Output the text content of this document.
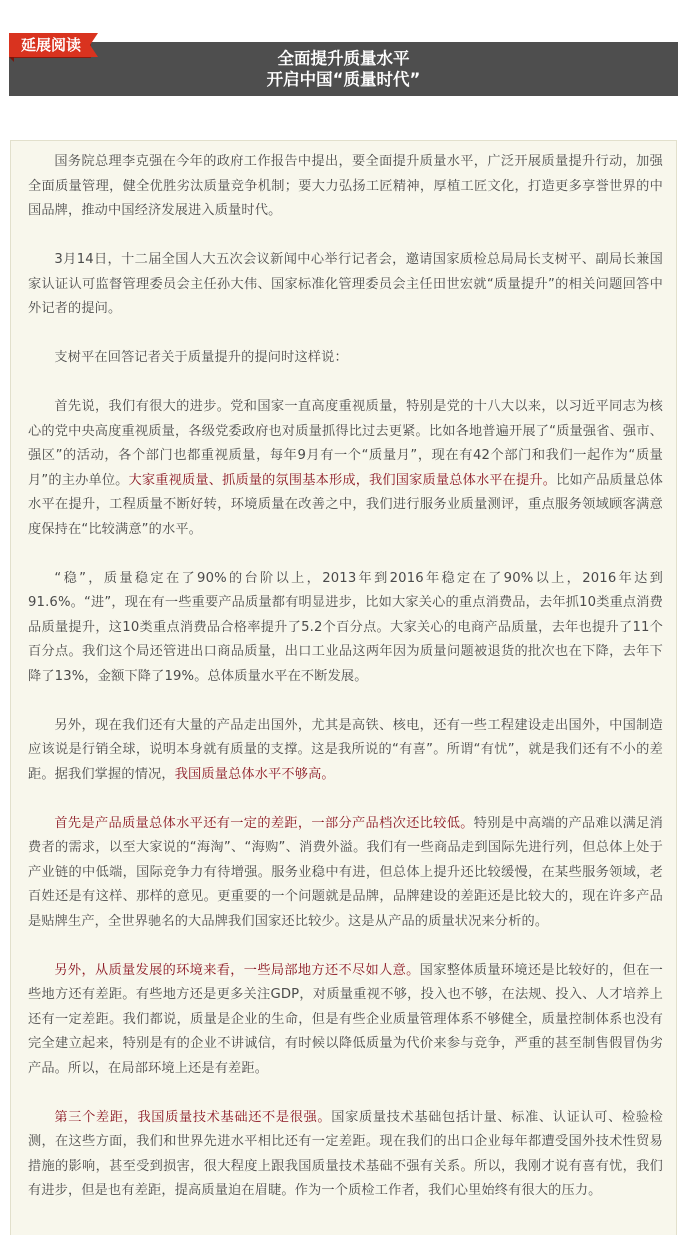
全面提升质量水平
开启中国“质量时代”
延展阅读

国务院总理李克强在今年的政府工作报告中提出，要全面提升质量水平，广泛开展质量提升行动，加强全面质量管理，健全优胜劣汰质量竞争机制；要大力弘扬工匠精神，厚植工匠文化，打造更多享誉世界的中国品牌，推动中国经济发展进入质量时代。

3月14日，十二届全国人大五次会议新闻中心举行记者会，邀请国家质检总局局长支树平、副局长兼国家认证认可监督管理委员会主任孙大伟、国家标准化管理委员会主任田世宏就“质量提升”的相关问题回答中外记者的提问。

支树平在回答记者关于质量提升的提问时这样说：

首先说，我们有很大的进步。党和国家一直高度重视质量，特别是党的十八大以来，以习近平同志为核心的党中央高度重视质量，各级党委政府也对质量抓得比过去更紧。比如各地普遍开展了“质量强省、强市、强区”的活动，各个部门也都重视质量，每年9月有一个“质量月”，现在有42个部门和我们一起作为“质量月”的主办单位。大家重视质量、抓质量的氛围基本形成，我们国家质量总体水平在提升。比如产品质量总体水平在提升，工程质量不断好转，环境质量在改善之中，我们进行服务业质量测评，重点服务领域顾客满意度保持在“比较满意”的水平。

“稳”，质量稳定在了90%的台阶以上，2013年到2016年稳定在了90%以上，2016年达到91.6%。“进”，现在有一些重要产品质量都有明显进步，比如大家关心的重点消费品，去年抓10类重点消费品质量提升，这10类重点消费品合格率提升了5.2个百分点。大家关心的电商产品质量，去年也提升了11个百分点。我们这个局还管进出口商品质量，出口工业品这两年因为质量问题被退货的批次也在下降，去年下降了13%，金额下降了19%。总体质量水平在不断发展。

另外，现在我们还有大量的产品走出国外，尤其是高铁、核电，还有一些工程建设走出国外，中国制造应该说是行销全球，说明本身就有质量的支撑。这是我所说的“有喜”。所谓“有忧”，就是我们还有不小的差距。据我们掌握的情况，我国质量总体水平不够高。

首先是产品质量总体水平还有一定的差距，一部分产品档次还比较低。特别是中高端的产品难以满足消费者的需求，以至大家说的“海淘”、“海购”、消费外溢。我们有一些商品走到国际先进行列，但总体上处于产业链的中低端，国际竞争力有待增强。服务业稳中有进，但总体上提升还比较缓慢，在某些服务领域，老百姓还是有这样、那样的意见。更重要的一个问题就是品牌，品牌建设的差距还是比较大的，现在许多产品是贴牌生产，全世界驰名的大品牌我们国家还比较少。这是从产品的质量状况来分析的。

另外，从质量发展的环境来看，一些局部地方还不尽如人意。国家整体质量环境还是比较好的，但在一些地方还有差距。有些地方还是更多关注GDP，对质量重视不够，投入也不够，在法规、投入、人才培养上还有一定差距。我们都说，质量是企业的生命，但是有些企业质量管理体系不够健全，质量控制体系也没有完全建立起来，特别是有的企业不讲诚信，有时候以降低质量为代价来参与竞争，严重的甚至制售假冒伪劣产品。所以，在局部环境上还是有差距。

第三个差距，我国质量技术基础还不是很强。国家质量技术基础包括计量、标准、认证认可、检验检测，在这些方面，我们和世界先进水平相比还有一定差距。现在我们的出口企业每年都遭受国外技术性贸易措施的影响，甚至受到损害，很大程度上跟我国质量技术基础不强有关系。所以，我刚才说有喜有忧，我们有进步，但是也有差距，提高质量迫在眉睫。作为一个质检工作者，我们心里始终有很大的压力。
